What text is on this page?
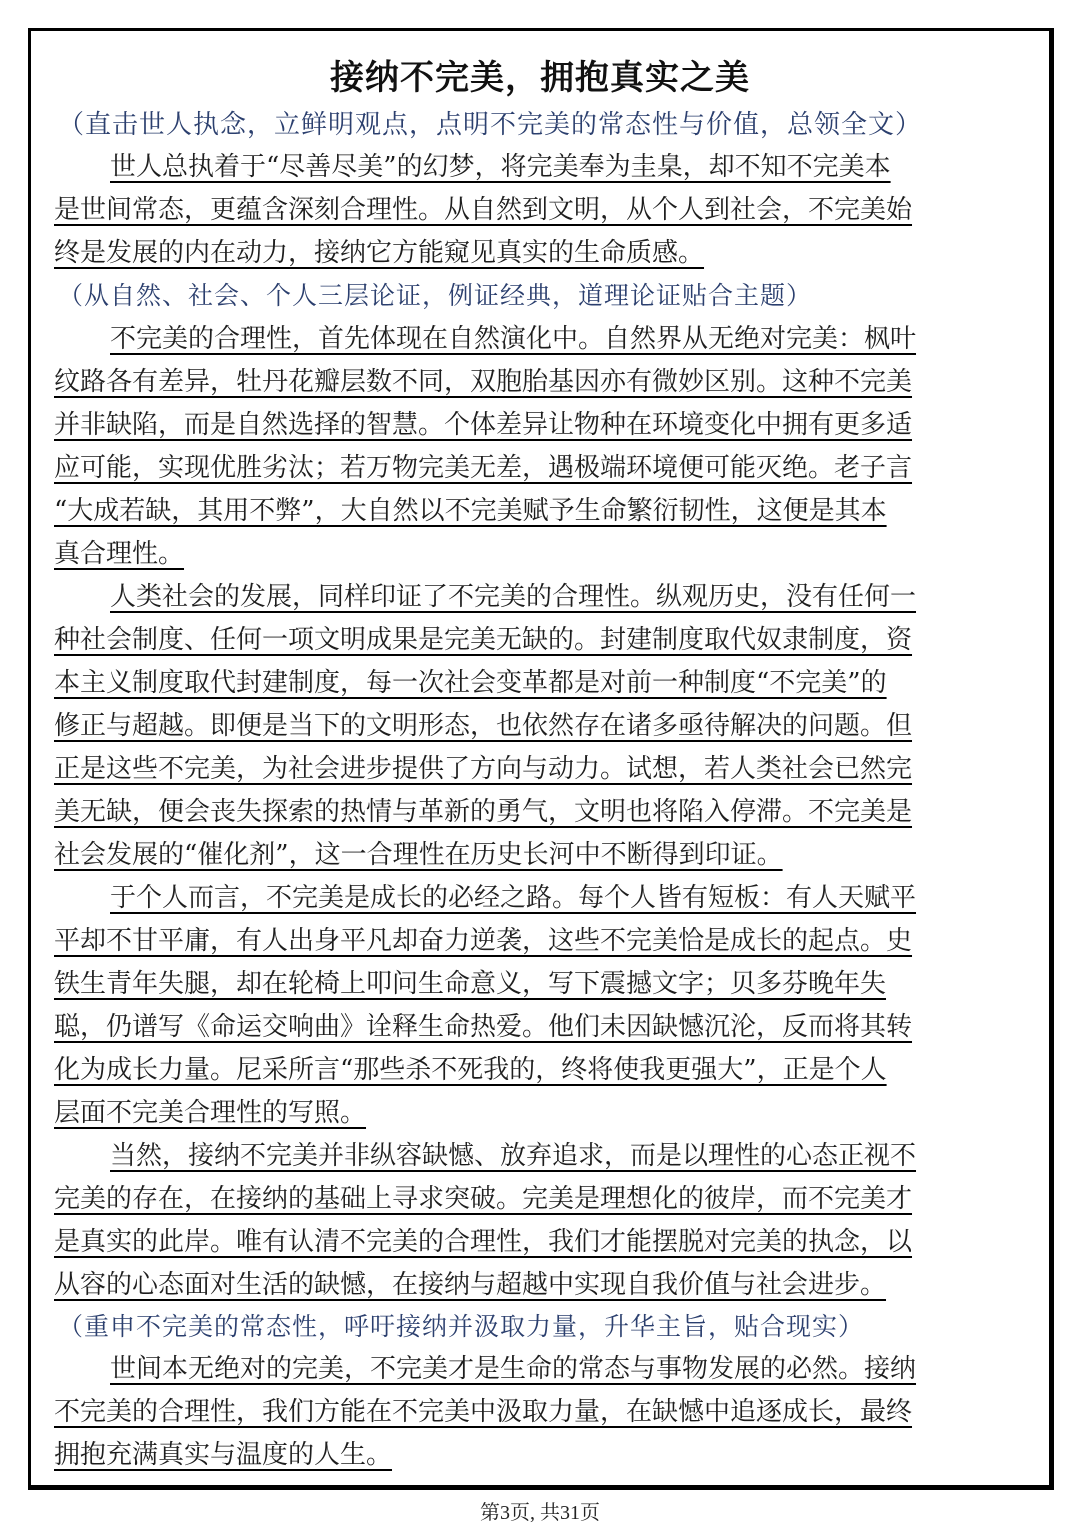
接纳不完美，拥抱真实之美
（直击世人执念，立鲜明观点，点明不完美的常态性与价值，总领全文）
世人总执着于“尽善尽美”的幻梦，将完美奉为圭臬，却不知不完美本
是世间常态，更蕴含深刻合理性。从自然到文明，从个人到社会，不完美始
终是发展的内在动力，接纳它方能窥见真实的生命质感。
（从自然、社会、个人三层论证，例证经典，道理论证贴合主题）
不完美的合理性，首先体现在自然演化中。自然界从无绝对完美：枫叶
纹路各有差异，牡丹花瓣层数不同，双胞胎基因亦有微妙区别。这种不完美
并非缺陷，而是自然选择的智慧。个体差异让物种在环境变化中拥有更多适
应可能，实现优胜劣汰；若万物完美无差，遇极端环境便可能灭绝。老子言
“大成若缺，其用不弊”，大自然以不完美赋予生命繁衍韧性，这便是其本
真合理性。
人类社会的发展，同样印证了不完美的合理性。纵观历史，没有任何一
种社会制度、任何一项文明成果是完美无缺的。封建制度取代奴隶制度，资
本主义制度取代封建制度，每一次社会变革都是对前一种制度“不完美”的
修正与超越。即便是当下的文明形态，也依然存在诸多亟待解决的问题。但
正是这些不完美，为社会进步提供了方向与动力。试想，若人类社会已然完
美无缺，便会丧失探索的热情与革新的勇气，文明也将陷入停滞。不完美是
社会发展的“催化剂”，这一合理性在历史长河中不断得到印证。
于个人而言，不完美是成长的必经之路。每个人皆有短板：有人天赋平
平却不甘平庸，有人出身平凡却奋力逆袭，这些不完美恰是成长的起点。史
铁生青年失腿，却在轮椅上叩问生命意义，写下震撼文字；贝多芬晚年失
聪，仍谱写《命运交响曲》诠释生命热爱。他们未因缺憾沉沦，反而将其转
化为成长力量。尼采所言“那些杀不死我的，终将使我更强大”，正是个人
层面不完美合理性的写照。
当然，接纳不完美并非纵容缺憾、放弃追求，而是以理性的心态正视不
完美的存在，在接纳的基础上寻求突破。完美是理想化的彼岸，而不完美才
是真实的此岸。唯有认清不完美的合理性，我们才能摆脱对完美的执念，以
从容的心态面对生活的缺憾，在接纳与超越中实现自我价值与社会进步。
（重申不完美的常态性，呼吁接纳并汲取力量，升华主旨，贴合现实）
世间本无绝对的完美，不完美才是生命的常态与事物发展的必然。接纳
不完美的合理性，我们方能在不完美中汲取力量，在缺憾中追逐成长，最终
拥抱充满真实与温度的人生。
第3页, 共31页
